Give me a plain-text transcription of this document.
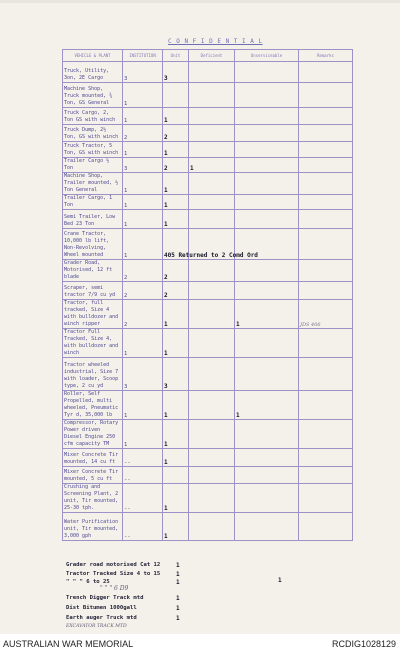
C O N F I D E N T I A L
VEHICLE & PLANT	INSTITUTION	Unit	Deficient	Unserviceable	Remarks
Truck, Utility, 3on, 2E Cargo	3	3			
Machine Shop, Truck mounted, ¾ Ton, GS General	1				
Truck Cargo, 2, Ton GS with winch	1	1			
Truck Dump, 2½ Ton, GS with winch	2	2			
Truck Tractor, 5 Ton, GS with winch	1	1			
Trailer Cargo ½ Ton	3	2	1		
Machine Shop, Trailer mounted, ½ Ton General	1	1			
Trailer Cargo, 1 Ton	1	1			
Semi Trailer, Low Bed 23 Ton	1	1			
Crane Tractor, 10,000 lb lift, Non-Revolving, Wheel mounted	1	405 Returned to 2 Comd Ord			
Grader Road, Motorised, 12 ft blade	2	2			
Scraper, semi tractor 7/9 cu yd	2	2			
Tractor, full tracked, Size 4 with bulldozer and winch ripper	2	1		1	JDS 406
Tractor Full Tracked, Size 4, with bulldozer and winch	1	1			
Tractor wheeled industrial, Size 7 with loader, Scoop type, 2 cu yd	3	3			
Roller, Self Propelled, multi wheeled, Pneumatic Tyr d, 35,000 lb	1	1		1	
Compressor, Rotary Power driven Diesel Engine 250 cfm capacity TM	1	1			
Mixer Concrete Tir mounted, 14 cu ft	--	1			
Mixer Concrete Tir mounted, 5 cu ft	--				
Crushing and Screening Plant, 2 unit, Tir mounted, 25-30 tph.	--	1			
Water Purification unit, Tir mounted, 3,000 gph	--	1			
Grader road motorised Cat 12	1
Tractor Tracked Size 4 to 15	1
1
" " " 6 to 25	1
" " " 6 D9
Trench Digger Track mtd	1
Dist Bitumen 1000gall	1
Earth auger Truck mtd	1
EXCAVATOR TRACK MTD
AUSTRALIAN WAR MEMORIAL	RCDIG1028129
